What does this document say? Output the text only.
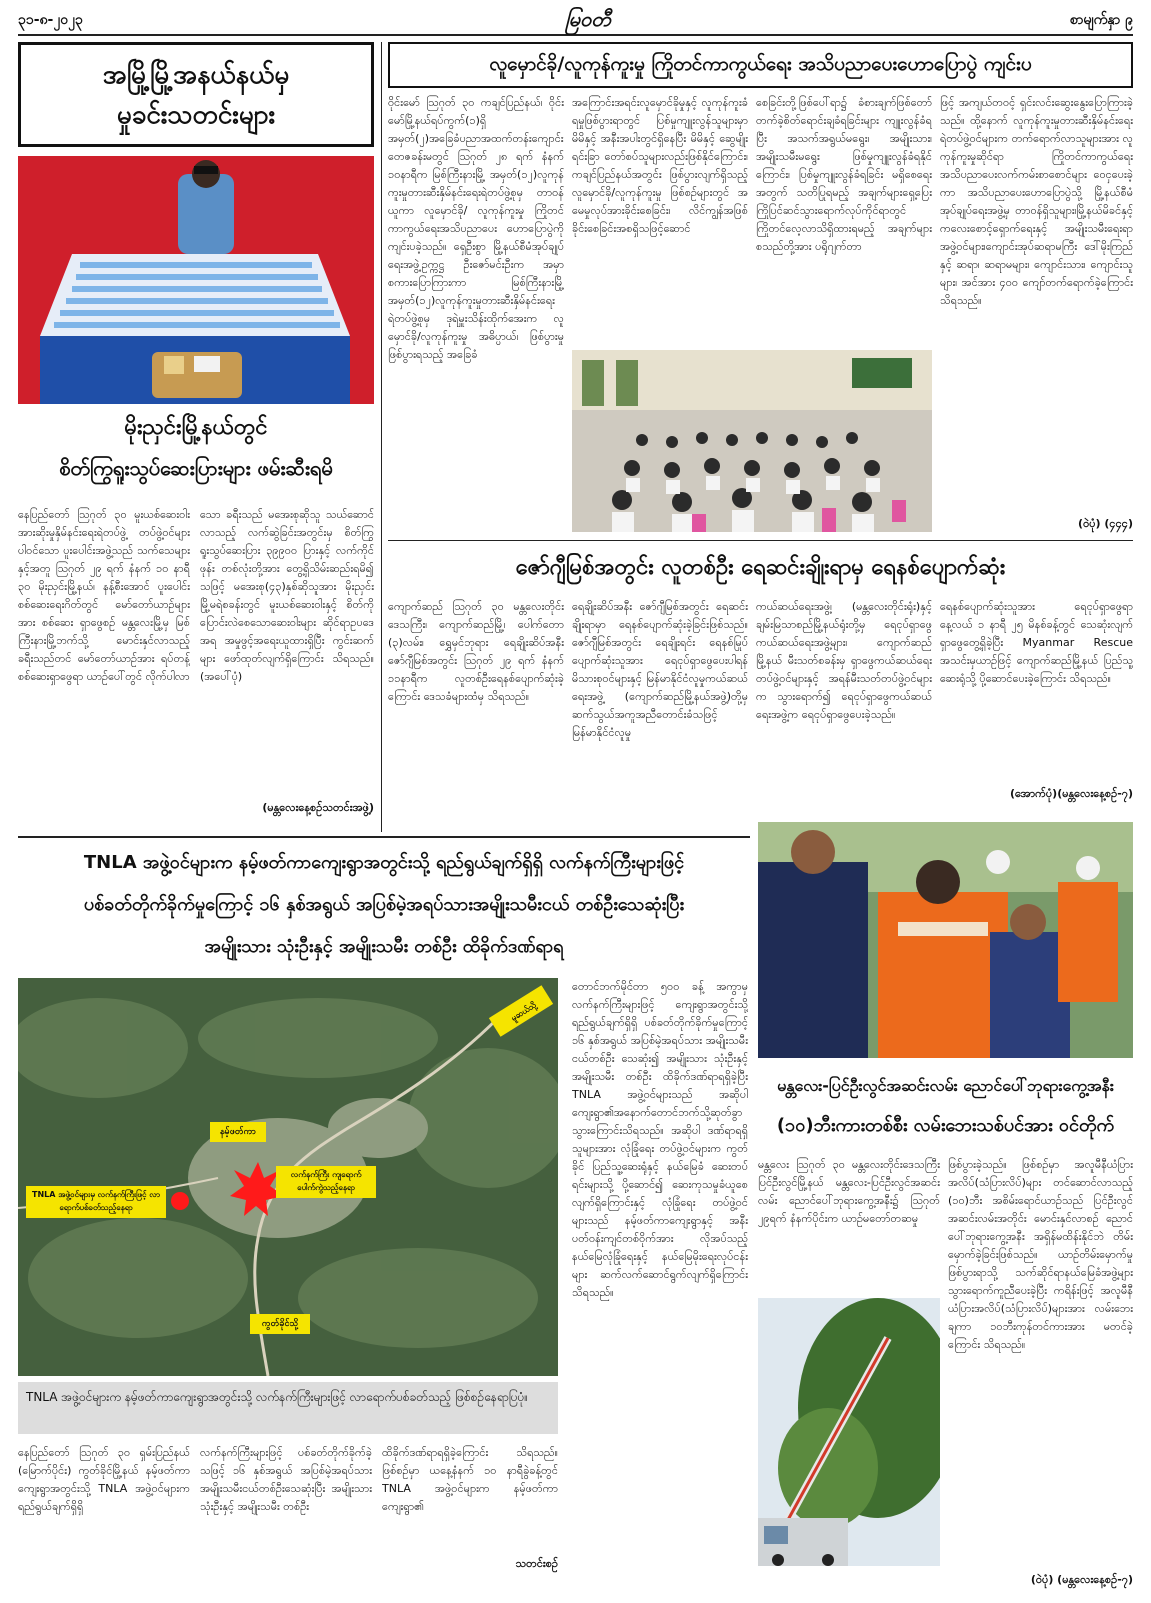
၃၁-၈-၂၀၂၃	မြဝတီ	စာမျက်နှာ ၉
အမြို့မြို့အနယ်နယ်မှ
မှုခင်းသတင်းများ
မိုးညှင်းမြို့နယ်တွင်
စိတ်ကြွရူးသွပ်ဆေးပြားများ ဖမ်းဆီးရမိ
နေပြည်တော် သြဂုတ် ၃၀ မူးယစ်ဆေးဝါးအားဆိုးမှုနှိမ်နင်းရေးရဲတပ်ဖွဲ့ တပ်ဖွဲ့ဝင်များ ပါဝင်သော ပူးပေါင်းအဖွဲ့သည် သက်သေများနှင့်အတူ သြဂုတ် ၂၉ ရက် နံနက် ၁၀ နာရီ ၃၀ မိုးညှင်းမြို့နယ်၊ နန့်စီးအောင် ပူးပေါင်းစစ်ဆေးရေးဂိတ်တွင် မော်တော်ယာဉ်များအား စစ်ဆေး ရှာဖွေစဉ် မန္တလေးမြို့မှ မြစ်ကြီးနားမြို့ဘက်သို့ မောင်းနှင်လာသည့် ခရီးသည်တင် မော်တော်ယာဉ်အား ရပ်တန့်စစ်ဆေးရှာဖွေရာ ယာဉ်ပေါ်တွင် လိုက်ပါလာ
သော ခရီးသည် မအေးစုဆိုသူ သယ်ဆောင်လာသည့် လက်ဆွဲခြင်းအတွင်းမှ စိတ်ကြွရူးသွပ်ဆေးပြား ၃၉၉၀၀ ပြားနှင့် လက်ကိုင်ဖုန်း တစ်လုံးတို့အား တွေ့ရှိသိမ်းဆည်းရမိ၍ သဖြင့် မအေးစု(၄၃)နှစ်ဆိုသူအား မိုးညှင်းမြို့မရဲစခန်းတွင် မူးယစ်ဆေးဝါးနှင့် စိတ်ကိုပြောင်းလဲစေသောဆေးဝါးများ ဆိုင်ရာဥပဒေအရ အမှုဖွင့်အရေးယူထားရှိပြီး ကွင်းဆက်များ ဖော်ထုတ်လျက်ရှိကြောင်း သိရသည်။ (အပေါ်ပုံ)
(မန္တလေးနေ့စဉ်သတင်းအဖွဲ့)
လူမှောင်ခို/လူကုန်ကူးမှု ကြိုတင်ကာကွယ်ရေး အသိပညာပေးဟောပြောပွဲ ကျင်းပ
ဝိုင်းမော် သြဂုတ် ၃၀ ကချင်ပြည်နယ်၊ ဝိုင်းမော်မြို့နယ်ရပ်ကွက်(၁)ရှိ အမှတ်(၂)အခြေခံပညာအထက်တန်းကျောင်း တေဇခန်းမတွင် သြဂုတ် ၂၈ ရက် နံနက် ၁၀နာရီက မြစ်ကြီးနားမြို့ အမှတ်(၁၂)လူကုန်ကူးမှုတားဆီးနှိမ်နင်းရေးရဲတပ်ဖွဲ့စုမှ တာဝန်ယူကာ လူမှောင်ခို/ လူကုန်ကူးမှု ကြိုတင်ကာကွယ်ရေးအသိပညာပေး ဟောပြောပွဲကို ကျင်းပခဲ့သည်။ ရှေဦးစွာ မြို့နယ်စီမံအုပ်ချုပ်ရေးအဖွဲ့ဥက္ကဋ္ဌ ဦးဇော်မင်းဦးက အမှာစကားပြောကြားကာ မြစ်ကြီးနားမြို့ အမှတ်(၁၂)လူကုန်ကူးမှုတားဆီးနှိမ်နင်းရေးရဲတပ်ဖွဲ့စုမှ ဒုရဲမှူးသိန်းထိုက်အေးက လူမှောင်ခို/လူကုန်ကူးမှု အဓိပ္ပာယ်၊ ဖြစ်ပွားမှုဖြစ်ပွားရသည့် အခြေခံ
အကြောင်းအရင်းလူမှောင်ခိုမှုနှင့် လူကုန်ကူးခံရမှုဖြစ်ပွားရာတွင် ပြစ်မှုကျူးလွန်သူများမှာ မိမိနှင့် အနီးအပါးတွင်ရှိနေပြီး မိမိနှင့် ဆွေမျိုးရင်းခြာ တော်စပ်သူများလည်းဖြစ်နိုင်ကြောင်း၊ ကချင်ပြည်နယ်အတွင်း ဖြစ်ပွားလျက်ရှိသည့် လူမှောင်ခို/လူကုန်ကူးမှု ဖြစ်စဉ်များတွင် အမေမှုလုပ်အားခိုင်းစေခြင်း၊ လိင်ကျွန်အဖြစ်ခိုင်းစေခြင်းအစရှိသဖြင့်ဆောင်
စေခြင်းတို့ဖြစ်ပေါ်ရာ၌ ခံစားချက်ဖြစ်တော်တက်ခဲ့စိတ်ရောင်းချခံရခြင်းများ ကျူးလွန်ခံရပြီး အသက်အရွယ်မရွေး၊ အမျိုးသား၊ အမျိုးသမီးမရွေး ဖြစ်မှုကျူးလွန်ခံရနိုင်ကြောင်း၊ ပြစ်မှုကျူးလွန်ခံရခြင်း မရှိစေရေးအတွက် သတိပြုရမည့် အချက်များရှေ့ပြေးကြိုပြင်ဆင်သွားရောက်လုပ်ကိုင်ရာတွင် ကြိုတင်လေ့လာသိရှိထားရမည့် အချက်များစသည်တို့အား ပရိုဂျက်တာ
ဖြင့် အကျယ်တဝင့် ရှင်းလင်းဆွေးနွေးပြောကြားခဲ့သည်။ ထို့နောက် လူကုန်ကူးမှုတားဆီးနှိမ်နင်းရေး ရဲတပ်ဖွဲ့ဝင်များက တက်ရောက်လာသူများအား လူကုန်ကူးမှုဆိုင်ရာ ကြိုတင်ကာကွယ်ရေး အသိပညာပေးလက်ကမ်းစာစောင်များ ဝေငှပေးခဲ့ကာ အသိပညာပေးဟောပြောပွဲသို့ မြို့နယ်စီမံအုပ်ချုပ်ရေးအဖွဲ့မှ တာဝန်ရှိသူများ၊မြို့နယ်မိခင်နှင့်ကလေးစောင့်ရှောက်ရေးနှင့် အမျိုးသမီးရေးရာအဖွဲ့ဝင်များ၊ကျောင်းအုပ်ဆရာမကြီး ဒေါ်မိုးကြည်နှင့် ဆရာ၊ ဆရာမများ၊ ကျောင်းသား၊ ကျောင်းသူများ၊ အင်အား ၄၀၀ ကျော်တက်ရောက်ခဲ့ကြောင်း သိရသည်။
(ဝဲပုံ) (၄၄၄)
ဇော်ဂျီမြစ်အတွင်း လူတစ်ဦး ရေဆင်းချိုးရာမှ ရေနစ်ပျောက်ဆုံး
ကျောက်ဆည် သြဂုတ် ၃၀ မန္တလေးတိုင်းဒေသကြီး၊ ကျောက်ဆည်မြို့၊ ပေါက်တော (၃)လမ်း၊ ရွှေမှင်ဘုရား ရေချိုးဆိပ်အနီး ဇော်ဂျီမြစ်အတွင်း သြဂုတ် ၂၉ ရက် နံနက် ၁၁နာရီက လူတစ်ဦးရေနစ်ပျောက်ဆုံးခဲ့ကြောင်း ဒေသခံများထံမှ သိရသည်။
ရေချိုးဆိပ်အနီး ဇော်ဂျီမြစ်အတွင်း ရေဆင်းချိုးရာမှာ ရေနစ်ပျောက်ဆုံးခဲ့ခြင်းဖြစ်သည်။ ဇော်ဂျီမြစ်အတွင်း ရေချိုးရင်း ရေနစ်မြုပ်ပျောက်ဆုံးသူအား ရေငုပ်ရှာဖွေပေးပါရန် မိသားစုဝင်များနှင့် မြန်မာနိုင်ငံလူမှုကယ်ဆယ်ရေးအဖွဲ့ (ကျောက်ဆည်မြို့နယ်အဖွဲ့)တို့မှ ဆက်သွယ်အကူအညီတောင်းခံသဖြင့် မြန်မာနိုင်ငံလူမှု
ကယ်ဆယ်ရေးအဖွဲ့၊ (မန္တလေးတိုင်းရုံး)နှင့် ချမ်းမြသာစည်မြို့နယ်ရုံးတို့မှ ရေငုပ်ရှာဖွေကယ်ဆယ်ရေးအဖွဲ့များ၊ ကျောက်ဆည်မြို့နယ် မီးသတ်စခန်းမှ ရှာဖွေကယ်ဆယ်ရေးတပ်ဖွဲ့ဝင်များနှင့် အရန်မီးသတ်တပ်ဖွဲ့ဝင်များက သွားရောက်၍ ရေငုပ်ရှာဖွေကယ်ဆယ်ရေးအဖွဲ့က ရေငုပ်ရှာဖွေပေးခဲ့သည်။
ရေနစ်ပျောက်ဆုံးသူအား ရေငုပ်ရှာဖွေရာ နေ့လယ် ၁ နာရီ ၂၅ မိနစ်ခန့်တွင် သေဆုံးလျက်ရှာဖွေတွေ့ရှိခဲ့ပြီး Myanmar Rescue အသင်းမှယာဉ်ဖြင့် ကျောက်ဆည်မြို့နယ် ပြည်သူ့ဆေးရုံသို့ ပို့ဆောင်ပေးခဲ့ကြောင်း သိရသည်။
(အောက်ပုံ)(မန္တလေးနေ့စဉ်-၇)
TNLA အဖွဲ့ဝင်များက နမ့်ဖတ်ကာကျေးရွာအတွင်းသို့ ရည်ရွယ်ချက်ရှိရှိ လက်နက်ကြီးများဖြင့်
ပစ်ခတ်တိုက်ခိုက်မှုကြောင့် ၁၆ နှစ်အရွယ် အပြစ်မဲ့အရပ်သားအမျိုးသမီးငယ် တစ်ဦးသေဆုံးပြီး
အမျိုးသား သုံးဦးနှင့် အမျိုးသမီး တစ်ဦး ထိခိုက်ဒဏ်ရာရ
မူဆယ်သို့
နမ့်ဖတ်ကာ
လက်နက်ကြီး ကျရောက် ပေါက်ကွဲသည့်နေရာ
TNLA အဖွဲ့ဝင်များမှ လက်နက်ကြီးဖြင့် လာရောက်ပစ်ခတ်သည့်နေရာ
ကွတ်ခိုင်သို့
TNLA အဖွဲ့ဝင်များက နမ့်ဖတ်ကာကျေးရွာအတွင်းသို့ လက်နက်ကြီးများဖြင့် လာရောက်ပစ်ခတ်သည့် ဖြစ်စဉ်နေရာပြပုံ။
တောင်ဘက်မိုင်တာ ၅၀၀ ခန့် အကွာမှ လက်နက်ကြီးများဖြင့် ကျေးရွာအတွင်းသို့ ရည်ရွယ်ချက်ရှိရှိ ပစ်ခတ်တိုက်ခိုက်မှုကြောင့် ၁၆ နှစ်အရွယ် အပြစ်မဲ့အရပ်သား အမျိုးသမီးငယ်တစ်ဦး သေဆုံး၍ အမျိုးသား သုံးဦးနှင့် အမျိုးသမီး တစ်ဦး ထိခိုက်ဒဏ်ရာရရှိခဲ့ပြီး TNLA အဖွဲ့ဝင်များသည် အဆိုပါ ကျေးရွာ၏အနောက်တောင်ဘက်သို့ဆုတ်ခွာသွားကြောင်းသိရသည်။ အဆိုပါ ဒဏ်ရာရရှိသူများအား လုံခြုံရေး တပ်ဖွဲ့ဝင်များက ကွတ်ခိုင် ပြည်သူ့ဆေးရုံနှင့် နယ်မြေခံ ဆေးတပ်ရင်းများသို့ ပို့ဆောင်၍ ဆေးကုသမှုခံယူစေလျက်ရှိကြောင်းနှင့် လုံခြုံရေး တပ်ဖွဲ့ဝင်များသည် နမ့်ဖတ်ကာကျေးရွာနှင့် အနီးပတ်ဝန်းကျင်တစ်ဝိုက်အား လိုအပ်သည့် နယ်မြေလုံခြုံရေးနှင့် နယ်မြေမိုးရေးလုပ်ငန်းများ ဆက်လက်ဆောင်ရွက်လျက်ရှိကြောင်း သိရသည်။
နေပြည်တော် သြဂုတ် ၃၀ ရှမ်းပြည်နယ် (မြောက်ပိုင်း) ကွတ်ခိုင်မြို့နယ် နမ့်ဖတ်ကာကျေးရွာအတွင်းသို့ TNLA အဖွဲ့ဝင်များက ရည်ရွယ်ချက်ရှိရှိ
လက်နက်ကြီးများဖြင့် ပစ်ခတ်တိုက်ခိုက်ခဲ့သဖြင့် ၁၆ နှစ်အရွယ် အပြစ်မဲ့အရပ်သား အမျိုးသမီးငယ်တစ်ဦးသေဆုံးပြီး အမျိုးသား သုံးဦးနှင့် အမျိုးသမီး တစ်ဦး
ထိခိုက်ဒဏ်ရာရရှိခဲ့ကြောင်း သိရသည်။ ဖြစ်စဉ်မှာ ယနေ့နံနက် ၁၀ နာရီခွဲခန့်တွင် TNLA အဖွဲ့ဝင်များက နမ့်ဖတ်ကာကျေးရွာ၏
သတင်းစဉ်
မန္တလေး-ပြင်ဦးလွင်အဆင်းလမ်း ညောင်ပေါ်ဘုရားကွေ့အနီး
(၁၀)ဘီးကားတစ်စီး လမ်းဘေးသစ်ပင်အား ဝင်တိုက်
မန္တလေး သြဂုတ် ၃၀ မန္တလေးတိုင်းဒေသကြီး ပြင်ဦးလွင်မြို့နယ် မန္တလေး-ပြင်ဦးလွင်အဆင်းလမ်း ညောင်ပေါ်ဘုရားကွေ့အနီး၌ သြဂုတ် ၂၉ရက် နံနက်ပိုင်းက ယာဉ်မတော်တဆမှု
ဖြစ်ပွားခဲ့သည်။ ဖြစ်စဉ်မှာ အလူမီနီယံပြားအလိပ်(သံပြားလိပ်)များ တင်ဆောင်လာသည့် (၁၀)ဘီး အစိမ်းရောင်ယာဉ်သည် ပြင်ဦးလွင်အဆင်းလမ်းအတိုင်း မောင်းနှင်လာစဉ် ညောင်ပေါ်ဘုရားကွေ့အနီး အရှိန်မထိန်းနိုင်ဘဲ တိမ်းမှောက်ခဲ့ခြင်းဖြစ်သည်။ ယာဉ်တိမ်းမှောက်မှု ဖြစ်ပွားရာသို့ သက်ဆိုင်ရာနယ်မြေခံအဖွဲ့များ သွားရောက်ကူညီပေးခဲ့ပြီး ကရိန်းဖြင့် အလူမီနီယံပြားအလိပ်(သံပြားလိပ်)များအား လမ်းဘေးချကာ ၁၀ဘီးကုန်တင်ကားအား မတင်ခဲ့ကြောင်း သိရသည်။
(ဝဲပုံ) (မန္တလေးနေ့စဉ်-၇)
